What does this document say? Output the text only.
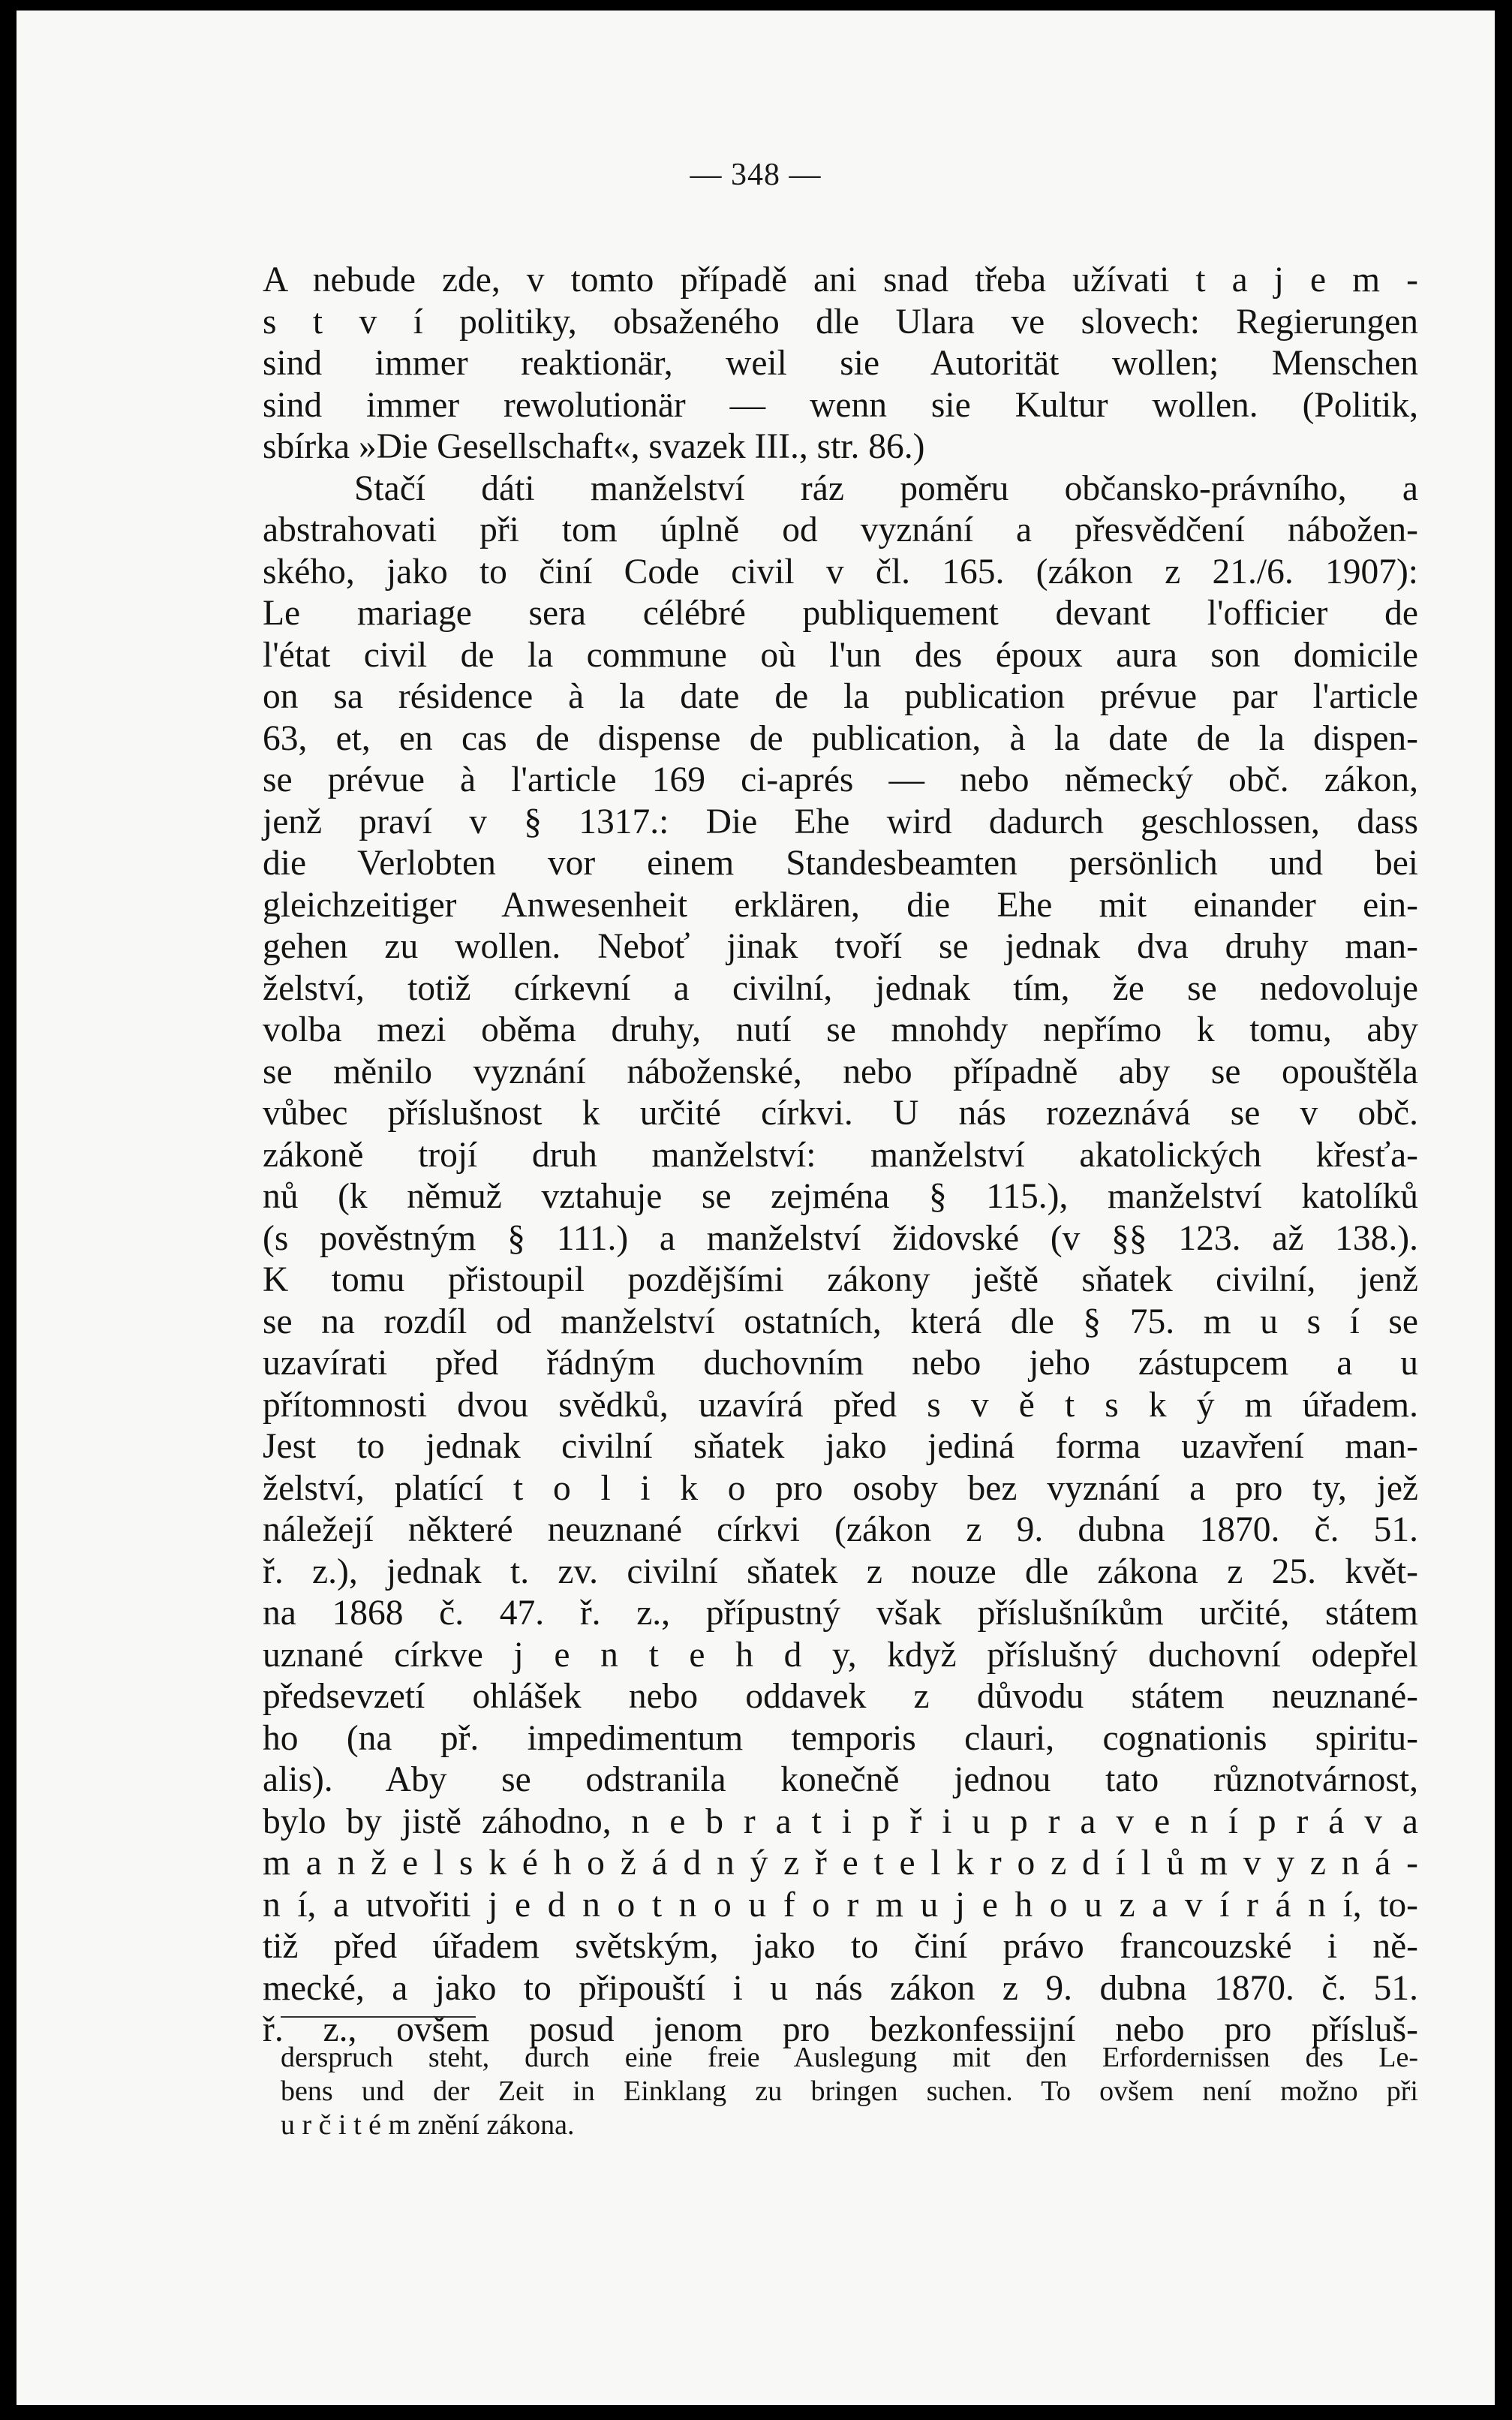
— 348 —
A nebude zde, v tomto případě ani snad třeba užívati t a j e m -
s t v í politiky, obsaženého dle Ulara ve slovech: Regierungen
sind immer reaktionär, weil sie Autorität wollen; Menschen
sind immer rewolutionär — wenn sie Kultur wollen. (Politik,
sbírka »Die Gesellschaft«, svazek III., str. 86.)
Stačí dáti manželství ráz poměru občansko-právního, a
abstrahovati při tom úplně od vyznání a přesvědčení nábožen-
ského, jako to činí Code civil v čl. 165. (zákon z 21./6. 1907):
Le mariage sera célébré publiquement devant l'officier de
l'état civil de la commune où l'un des époux aura son domicile
on sa résidence à la date de la publication prévue par l'article
63, et, en cas de dispense de publication, à la date de la dispen-
se prévue à l'article 169 ci-aprés — nebo německý obč. zákon,
jenž praví v § 1317.: Die Ehe wird dadurch geschlossen, dass
die Verlobten vor einem Standesbeamten persönlich und bei
gleichzeitiger Anwesenheit erklären, die Ehe mit einander ein-
gehen zu wollen. Neboť jinak tvoří se jednak dva druhy man-
želství, totiž církevní a civilní, jednak tím, že se nedovoluje
volba mezi oběma druhy, nutí se mnohdy nepřímo k tomu, aby
se měnilo vyznání náboženské, nebo případně aby se opouštěla
vůbec příslušnost k určité církvi. U nás rozeznává se v obč.
zákoně trojí druh manželství: manželství akatolických křesťa-
nů (k němuž vztahuje se zejména § 115.), manželství katolíků
(s pověstným § 111.) a manželství židovské (v §§ 123. až 138.).
K tomu přistoupil pozdějšími zákony ještě sňatek civilní, jenž
se na rozdíl od manželství ostatních, která dle § 75. m u s í se
uzavírati před řádným duchovním nebo jeho zástupcem a u
přítomnosti dvou svědků, uzavírá před s v ě t s k ý m úřadem.
Jest to jednak civilní sňatek jako jediná forma uzavření man-
želství, platící t o l i k o pro osoby bez vyznání a pro ty, jež
náležejí některé neuznané církvi (zákon z 9. dubna 1870. č. 51.
ř. z.), jednak t. zv. civilní sňatek z nouze dle zákona z 25. květ-
na 1868 č. 47. ř. z., přípustný však příslušníkům určité, státem
uznané církve j e n t e h d y, když příslušný duchovní odepřel
předsevzetí ohlášek nebo oddavek z důvodu státem neuznané-
ho (na př. impedimentum temporis clauri, cognationis spiritu-
alis). Aby se odstranila konečně jednou tato různotvárnost,
bylo by jistě záhodno, n e b r a t i p ř i u p r a v e n í p r á v a
m a n ž e l s k é h o ž á d n ý z ř e t e l k r o z d í l ů m v y z n á -
n í, a utvořiti j e d n o t n o u f o r m u j e h o u z a v í r á n í, to-
tiž před úřadem světským, jako to činí právo francouzské i ně-
mecké, a jako to připouští i u nás zákon z 9. dubna 1870. č. 51.
ř. z., ovšem posud jenom pro bezkonfessijní nebo pro přísluš-
derspruch steht, durch eine freie Auslegung mit den Erfordernissen des Le-
bens und der Zeit in Einklang zu bringen suchen. To ovšem není možno při
u r č i t é m znění zákona.
